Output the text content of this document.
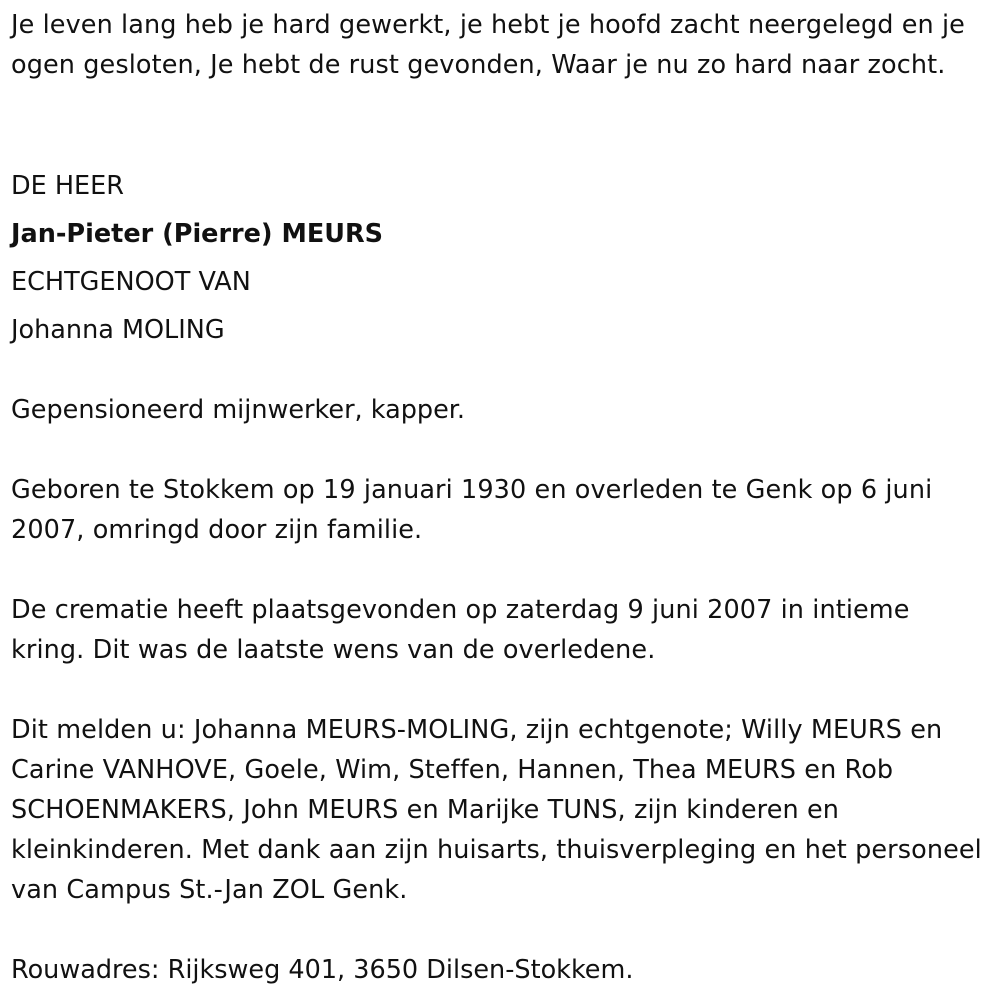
Je leven lang heb je hard gewerkt, je hebt je hoofd zacht neergelegd en je ogen gesloten, Je hebt de rust gevonden, Waar je nu zo hard naar zocht.
DE HEER
Jan-Pieter (Pierre) MEURS
ECHTGENOOT VAN
Johanna MOLING
Gepensioneerd mijnwerker, kapper.
Geboren te Stokkem op 19 januari 1930 en overleden te Genk op 6 juni 2007, omringd door zijn familie.
De crematie heeft plaatsgevonden op zaterdag 9 juni 2007 in intieme kring. Dit was de laatste wens van de overledene.
Dit melden u: Johanna MEURS-MOLING, zijn echtgenote; Willy MEURS en Carine VANHOVE, Goele, Wim, Steffen, Hannen, Thea MEURS en Rob SCHOENMAKERS, John MEURS en Marijke TUNS, zijn kinderen en kleinkinderen. Met dank aan zijn huisarts, thuisverpleging en het personeel van Campus St.-Jan ZOL Genk.
Rouwadres: Rijksweg 401, 3650 Dilsen-Stokkem.
